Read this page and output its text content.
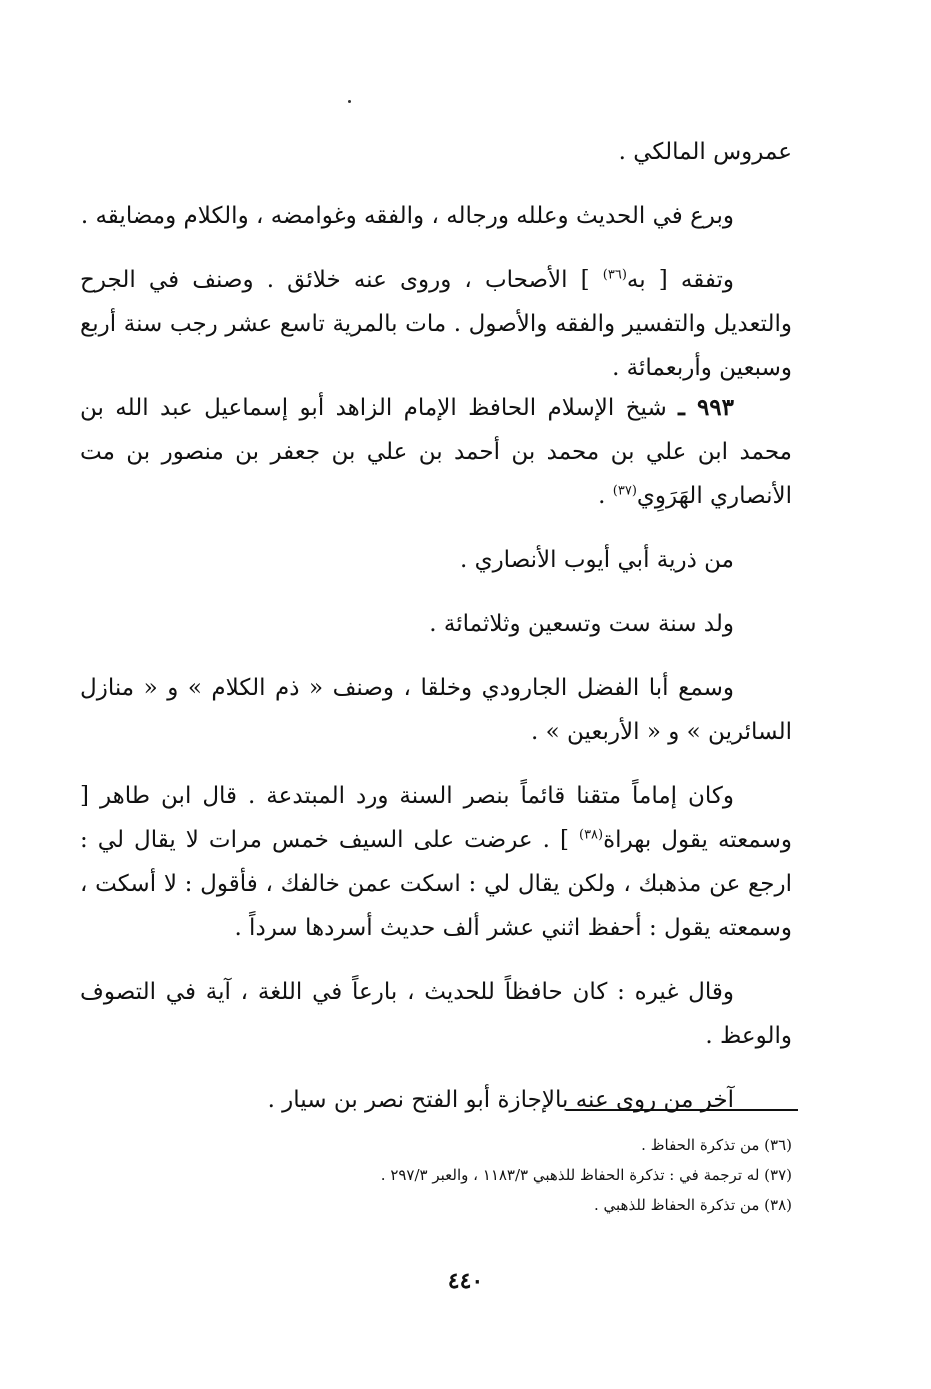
عمروس المالكي .

وبرع في الحديث وعلله ورجاله ، والفقه وغوامضه ، والكلام ومضايقه .

وتفقه [ به$^{(٣٦)}$ ] الأصحاب ، وروى عنه خلائق . وصنف في الجرح والتعديل والتفسير والفقه والأصول . مات بالمرية تاسع عشر رجب سنة أربع وسبعين وأربعمائة .

٩٩٣ ـ شيخ الإسلام الحافظ الإمام الزاهد أبو إسماعيل عبد الله بن محمد ابن علي بن محمد بن أحمد بن علي بن جعفر بن منصور بن مت الأنصاري الهَرَوِي$^{(٣٧)}$ .

من ذرية أبي أيوب الأنصاري .

ولد سنة ست وتسعين وثلاثمائة .

وسمع أبا الفضل الجارودي وخلقا ، وصنف « ذم الكلام » و « منازل السائرين » و « الأربعين » .

وكان إماماً متقنا قائماً بنصر السنة ورد المبتدعة . قال ابن طاهر [ وسمعته يقول بهراة$^{(٣٨)}$ ] . عرضت على السيف خمس مرات لا يقال لي : ارجع عن مذهبك ، ولكن يقال لي : اسكت عمن خالفك ، فأقول : لا أسكت ، وسمعته يقول : أحفظ اثني عشر ألف حديث أسردها سرداً .

وقال غيره : كان حافظاً للحديث ، بارعاً في اللغة ، آية في التصوف والوعظ .

آخر من روى عنه بالإجازة أبو الفتح نصر بن سيار .

(٣٦) من تذكرة الحفاظ .

(٣٧) له ترجمة في : تذكرة الحفاظ للذهبي ١١٨٣/٣ ، والعبر ٢٩٧/٣ .

(٣٨) من تذكرة الحفاظ للذهبي .

٤٤٠
